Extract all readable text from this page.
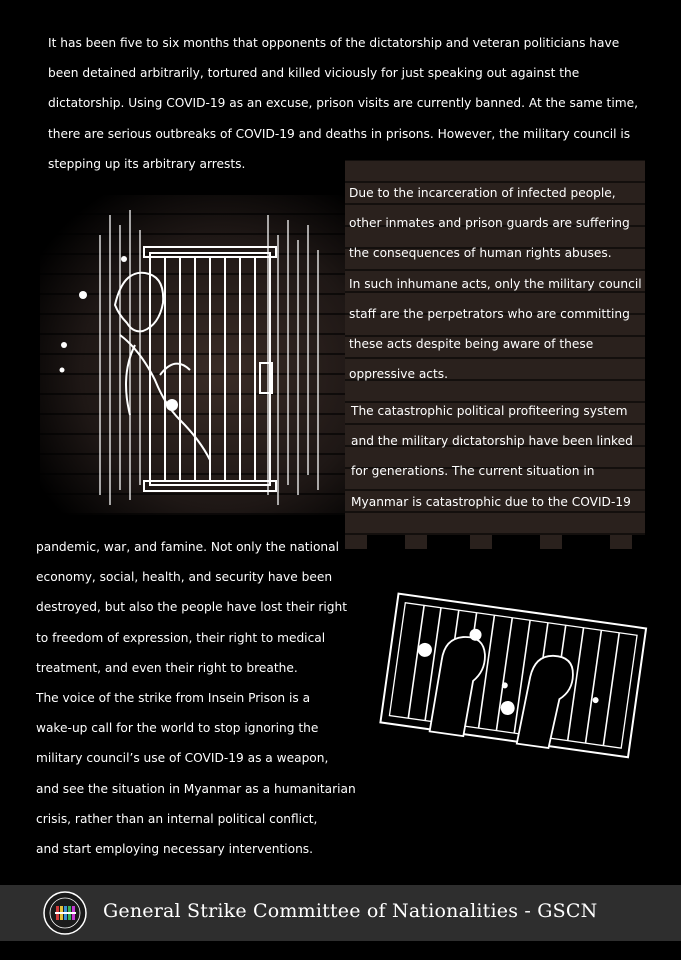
It has been five to six months that opponents of the dictatorship and veteran politicians have
been detained arbitrarily, tortured and killed viciously for just speaking out against the
dictatorship. Using COVID-19 as an excuse, prison visits are currently banned. At the same time,
there are serious outbreaks of COVID-19 and deaths in prisons. However, the military council is
stepping up its arbitrary arrests.
Due to the incarceration of infected people,
other inmates and prison guards are suffering
the consequences of human rights abuses.
In such inhumane acts, only the military council
staff are the perpetrators who are committing
these acts despite being aware of these
oppressive acts.
The catastrophic political profiteering system
and the military dictatorship have been linked
for generations. The current situation in
Myanmar is catastrophic due to the COVID-19
pandemic, war, and famine. Not only the national
economy, social, health, and security have been
destroyed, but also the people have lost their right
to freedom of expression, their right to medical
treatment, and even their right to breathe.
The voice of the strike from Insein Prison is a
wake-up call for the world to stop ignoring the
military council’s use of COVID-19 as a weapon,
and see the situation in Myanmar as a humanitarian
crisis, rather than an internal political conflict,
and start employing necessary interventions.
General Strike Committee of Nationalities - GSCN
